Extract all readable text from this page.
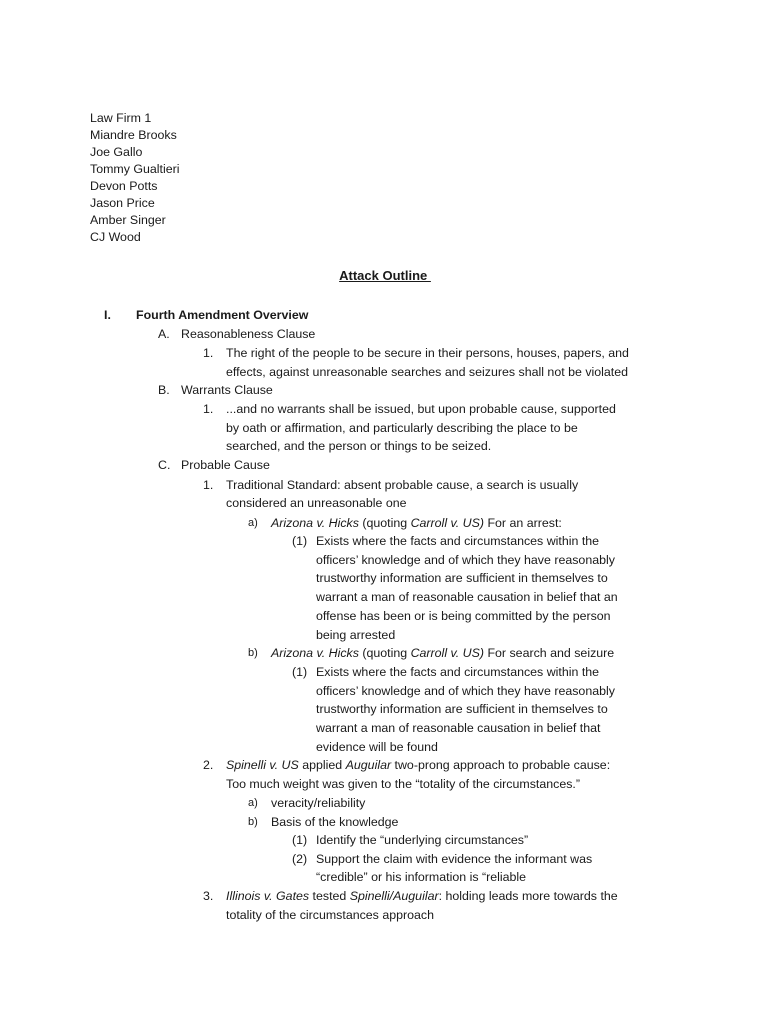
Law Firm 1
Miandre Brooks
Joe Gallo
Tommy Gualtieri
Devon Potts
Jason Price
Amber Singer
CJ Wood
Attack Outline
I. Fourth Amendment Overview
A. Reasonableness Clause
1. The right of the people to be secure in their persons, houses, papers, and
effects, against unreasonable searches and seizures shall not be violated
B. Warrants Clause
1. ...and no warrants shall be issued, but upon probable cause, supported
by oath or affirmation, and particularly describing the place to be
searched, and the person or things to be seized.
C. Probable Cause
1. Traditional Standard: absent probable cause, a search is usually
considered an unreasonable one
a) Arizona v. Hicks (quoting Carroll v. US) For an arrest:
(1) Exists where the facts and circumstances within the
officers’ knowledge and of which they have reasonably
trustworthy information are sufficient in themselves to
warrant a man of reasonable causation in belief that an
offense has been or is being committed by the person
being arrested
b) Arizona v. Hicks (quoting Carroll v. US) For search and seizure
(1) Exists where the facts and circumstances within the
officers’ knowledge and of which they have reasonably
trustworthy information are sufficient in themselves to
warrant a man of reasonable causation in belief that
evidence will be found
2. Spinelli v. US applied Auguilar two-prong approach to probable cause:
Too much weight was given to the “totality of the circumstances.”
a) veracity/reliability
b) Basis of the knowledge
(1) Identify the “underlying circumstances”
(2) Support the claim with evidence the informant was
“credible” or his information is “reliable
3. Illinois v. Gates tested Spinelli/Auguilar: holding leads more towards the
totality of the circumstances approach
